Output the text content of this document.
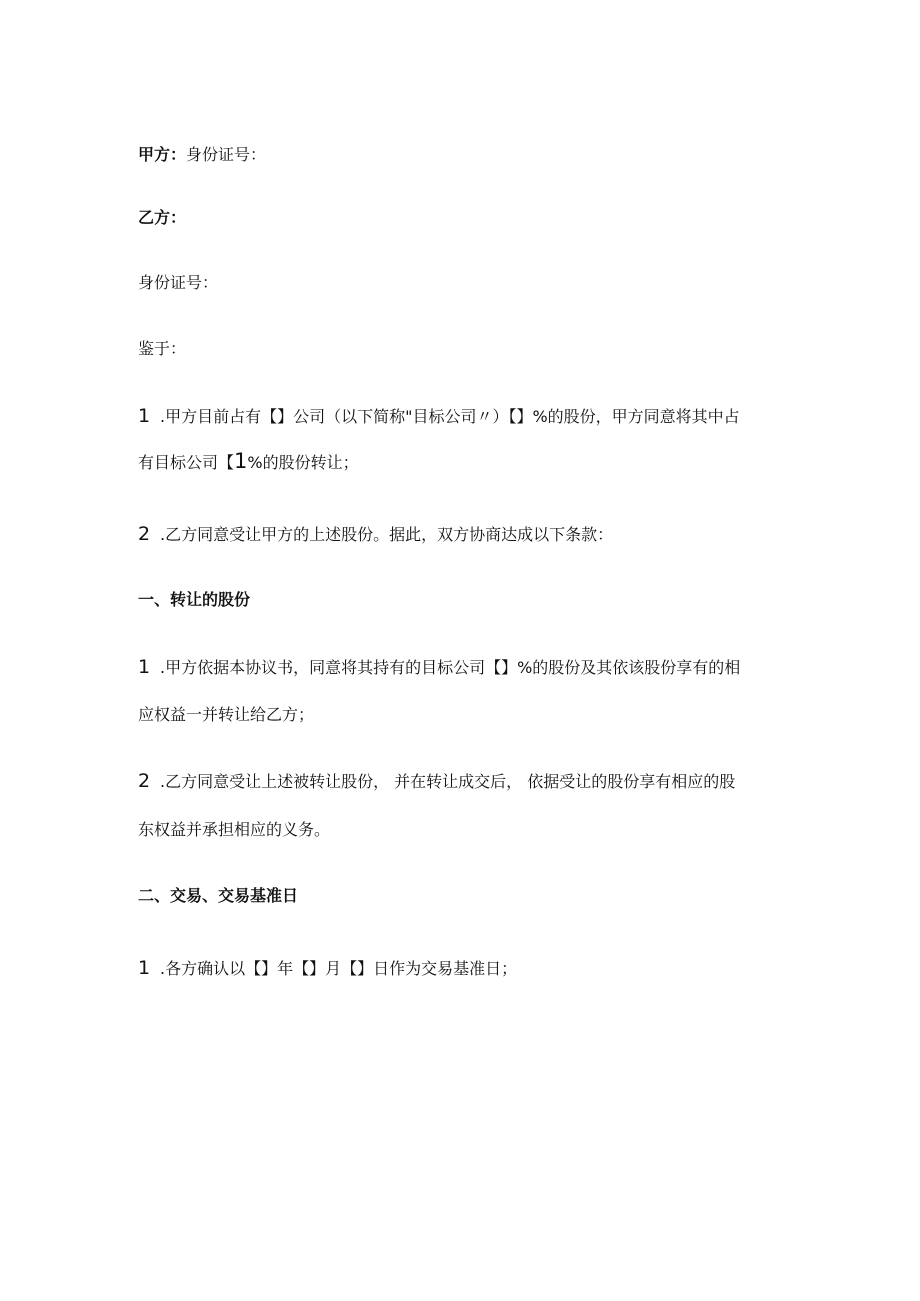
甲方：身份证号：
乙方：
身份证号：
鉴于：
1 .甲方目前占有【】公司（以下简称"目标公司〃）【】%的股份，甲方同意将其中占
有目标公司【1%的股份转让；
2 .乙方同意受让甲方的上述股份。据此，双方协商达成以下条款：
一、转让的股份
1 .甲方依据本协议书，同意将其持有的目标公司【】%的股份及其依该股份享有的相
应权益一并转让给乙方；
2 .乙方同意受让上述被转让股份， 并在转让成交后， 依据受让的股份享有相应的股
东权益并承担相应的义务。
二、交易、交易基准日
1 .各方确认以【】年【】月【】日作为交易基准日；
